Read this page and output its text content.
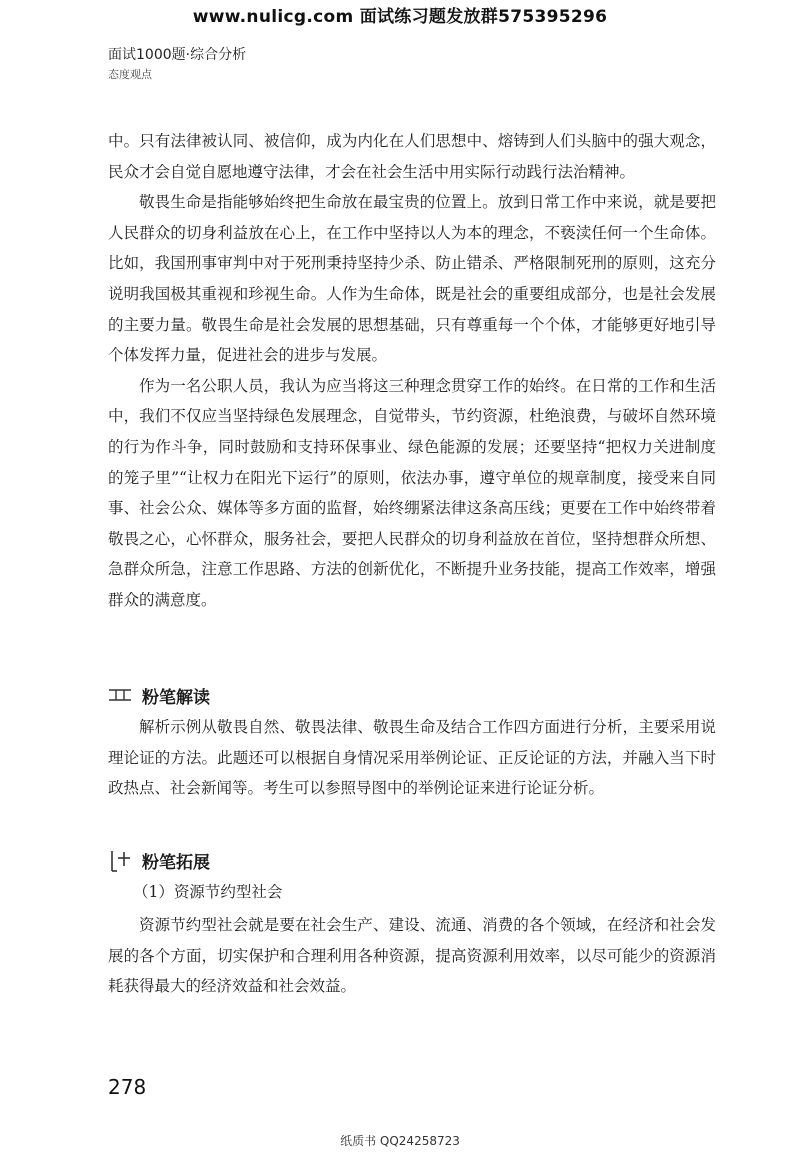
www.nulicg.com 面试练习题发放群575395296
面试1000题·综合分析
态度观点

中。只有法律被认同、被信仰，成为内化在人们思想中、熔铸到人们头脑中的强大观念，民众才会自觉自愿地遵守法律，才会在社会生活中用实际行动践行法治精神。

敬畏生命是指能够始终把生命放在最宝贵的位置上。放到日常工作中来说，就是要把人民群众的切身利益放在心上，在工作中坚持以人为本的理念，不亵渎任何一个生命体。比如，我国刑事审判中对于死刑秉持坚持少杀、防止错杀、严格限制死刑的原则，这充分说明我国极其重视和珍视生命。人作为生命体，既是社会的重要组成部分，也是社会发展的主要力量。敬畏生命是社会发展的思想基础，只有尊重每一个个体，才能够更好地引导个体发挥力量，促进社会的进步与发展。

作为一名公职人员，我认为应当将这三种理念贯穿工作的始终。在日常的工作和生活中，我们不仅应当坚持绿色发展理念，自觉带头，节约资源，杜绝浪费，与破坏自然环境的行为作斗争，同时鼓励和支持环保事业、绿色能源的发展；还要坚持“把权力关进制度的笼子里”“让权力在阳光下运行”的原则，依法办事，遵守单位的规章制度，接受来自同事、社会公众、媒体等多方面的监督，始终绷紧法律这条高压线；更要在工作中始终带着敬畏之心，心怀群众，服务社会，要把人民群众的切身利益放在首位，坚持想群众所想、急群众所急，注意工作思路、方法的创新优化，不断提升业务技能，提高工作效率，增强群众的满意度。

粉笔解读

解析示例从敬畏自然、敬畏法律、敬畏生命及结合工作四方面进行分析，主要采用说理论证的方法。此题还可以根据自身情况采用举例论证、正反论证的方法，并融入当下时政热点、社会新闻等。考生可以参照导图中的举例论证来进行论证分析。

粉笔拓展
（1）资源节约型社会

资源节约型社会就是要在社会生产、建设、流通、消费的各个领域，在经济和社会发展的各个方面，切实保护和合理利用各种资源，提高资源利用效率，以尽可能少的资源消耗获得最大的经济效益和社会效益。

278
纸质书 QQ24258723
